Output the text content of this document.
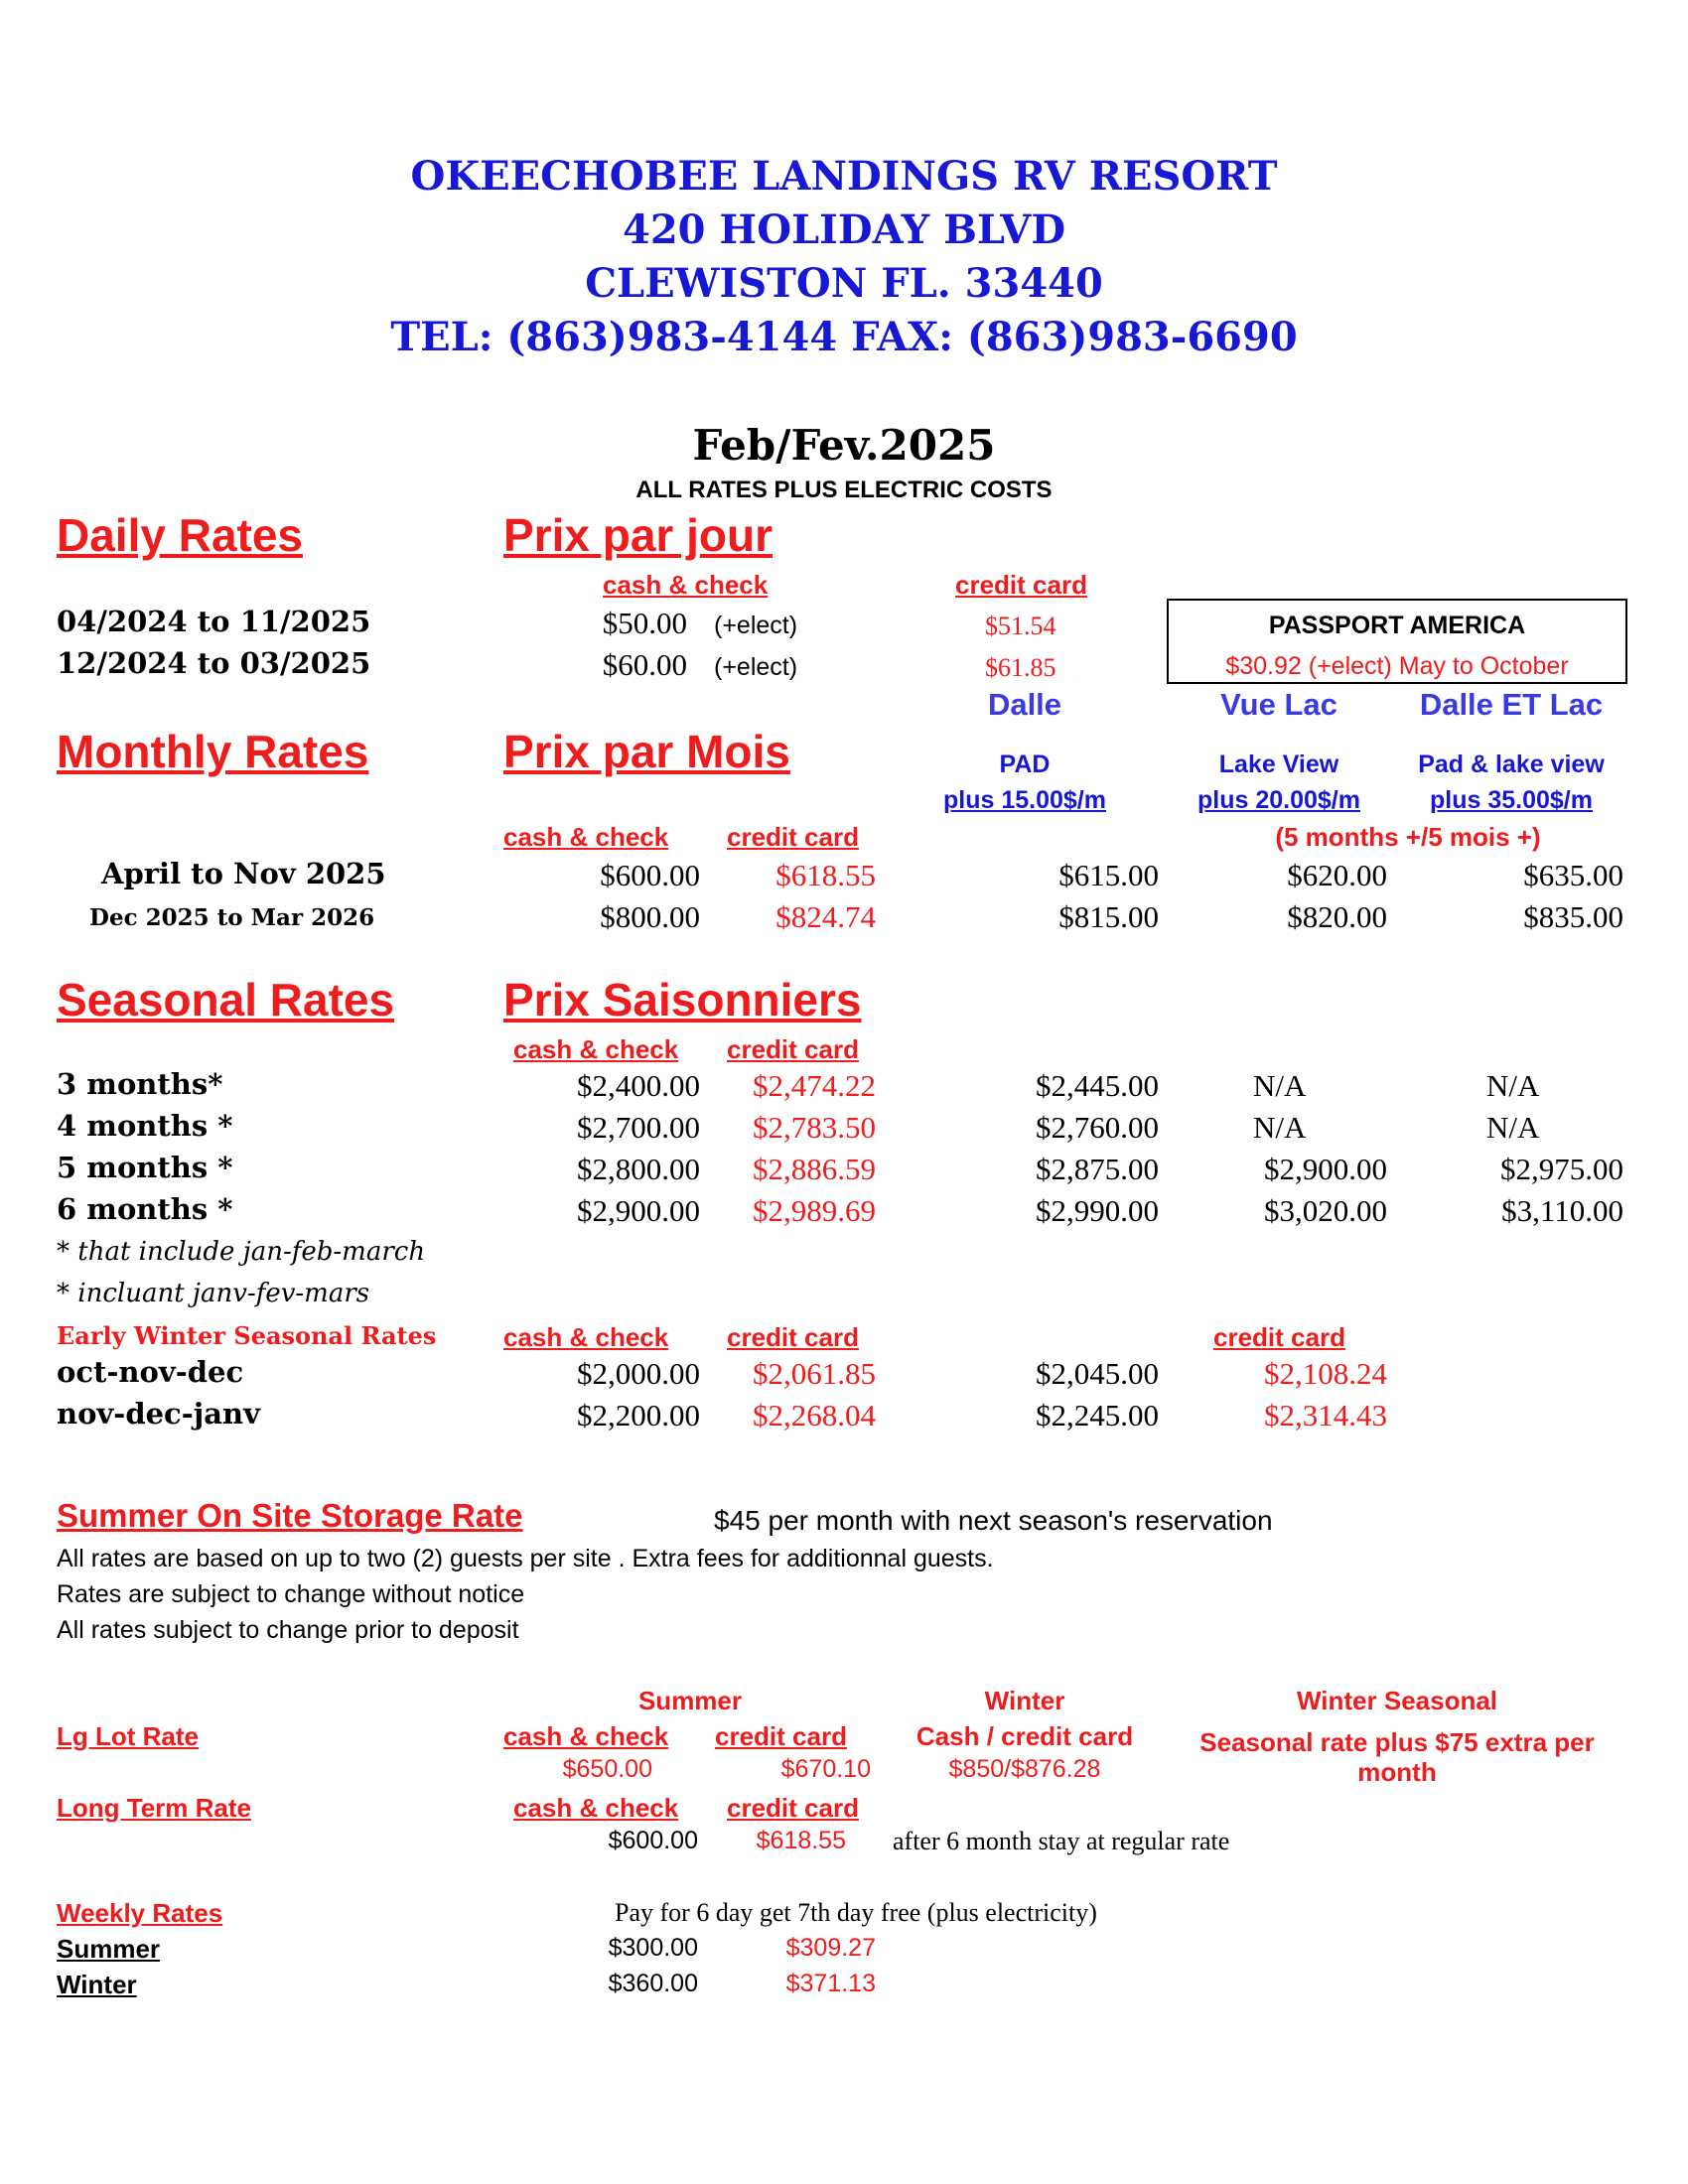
OKEECHOBEE LANDINGS RV RESORT
420 HOLIDAY BLVD
CLEWISTON FL. 33440
TEL: (863)983-4144 FAX: (863)983-6690
Feb/Fev.2025
ALL RATES PLUS ELECTRIC COSTS
Daily Rates	Prix par jour
cash & check	credit card
04/2024 to 11/2025	$50.00 (+elect)	$51.54
12/2024 to 03/2025	$60.00 (+elect)	$61.85
PASSPORT AMERICA
$30.92 (+elect) May to October
Dalle	Vue Lac	Dalle ET Lac
Monthly Rates	Prix par Mois	PAD	Lake View	Pad & lake view
plus 15.00$/m	plus 20.00$/m	plus 35.00$/m
cash & check credit card	(5 months +/5 mois +)
April to Nov 2025	$600.00	$618.55	$615.00	$620.00	$635.00
Dec 2025 to Mar 2026	$800.00	$824.74	$815.00	$820.00	$835.00
Seasonal Rates Prix Saisonniers
cash & check credit card
3 months*	$2,400.00	$2,474.22	$2,445.00	N/A	N/A
4 months *	$2,700.00	$2,783.50	$2,760.00	N/A	N/A
5 months *	$2,800.00	$2,886.59	$2,875.00	$2,900.00	$2,975.00
6 months *	$2,900.00	$2,989.69	$2,990.00	$3,020.00	$3,110.00
* that include jan-feb-march
* incluant janv-fev-mars
Early Winter Seasonal Rates	cash & check credit card	credit card
oct-nov-dec	$2,000.00	$2,061.85	$2,045.00	$2,108.24
nov-dec-janv	$2,200.00	$2,268.04	$2,245.00	$2,314.43
Summer On Site Storage Rate	$45 per month with next season's reservation
All rates are based on up to two (2) guests per site . Extra fees for additionnal guests.
Rates are subject to change without notice
All rates subject to change prior to deposit
Summer	Winter	Winter Seasonal
Lg Lot Rate	cash & check credit card	Cash / credit card	Seasonal rate plus $75 extra per
month
$650.00	$670.10	$850/$876.28
Long Term Rate	cash & check credit card
$600.00	$618.55 after 6 month stay at regular rate
Weekly Rates	Pay for 6 day get 7th day free (plus electricity)
Summer	$300.00	$309.27
Winter	$360.00	$371.13
